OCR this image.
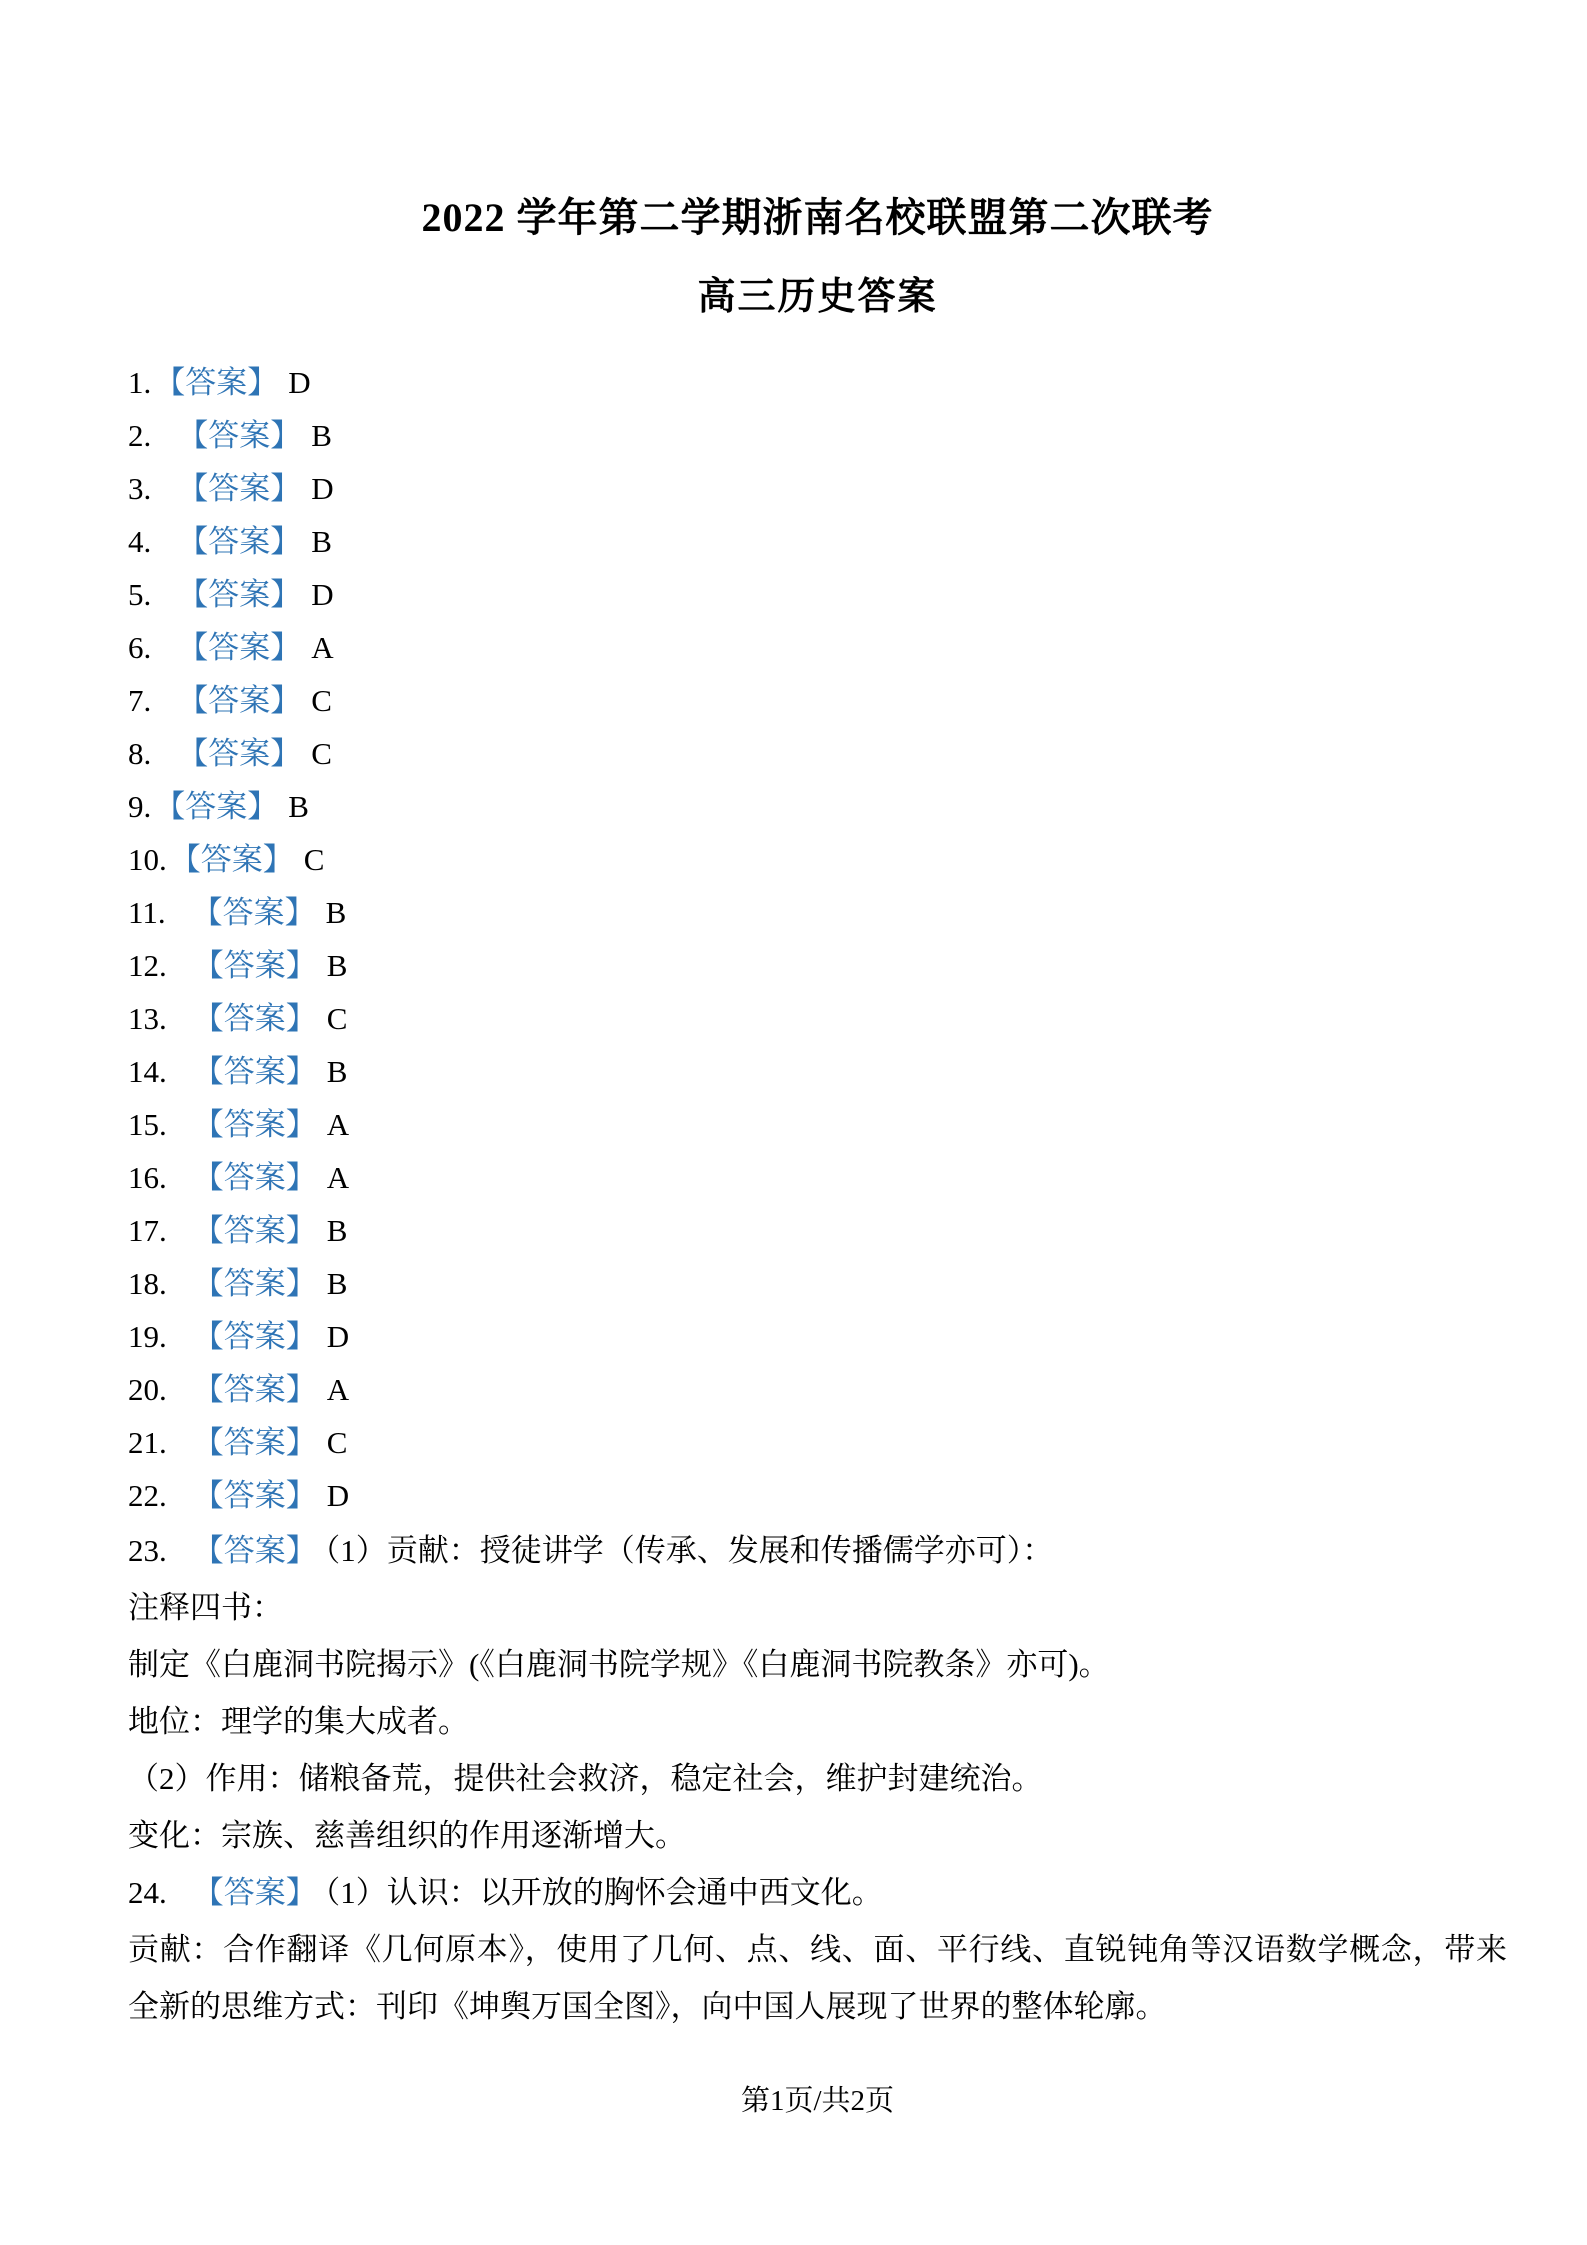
2022 学年第二学期浙南名校联盟第二次联考
高三历史答案
1.【答案】 D
2. 【答案】 B
3. 【答案】 D
4. 【答案】 B
5. 【答案】 D
6. 【答案】 A
7. 【答案】 C
8. 【答案】 C
9.【答案】 B
10.【答案】 C
11. 【答案】 B
12. 【答案】 B
13. 【答案】 C
14. 【答案】 B
15. 【答案】 A
16. 【答案】 A
17. 【答案】 B
18. 【答案】 B
19. 【答案】 D
20. 【答案】 A
21. 【答案】 C
22. 【答案】 D
23. 【答案】 （1）贡献：授徒讲学（传承、发展和传播儒学亦可）：
注释四书：
制定《白鹿洞书院揭示》(《白鹿洞书院学规》《白鹿洞书院教条》亦可)。
地位：理学的集大成者。
（2）作用：储粮备荒，提供社会救济，稳定社会，维护封建统治。
变化：宗族、慈善组织的作用逐渐增大。
24. 【答案】 （1）认识：以开放的胸怀会通中西文化。
贡献：合作翻译《几何原本》，使用了几何、点、线、面、平行线、直锐钝角等汉语数学概念，带来全新的思维方式：刊印《坤舆万国全图》，向中国人展现了世界的整体轮廓。
第1页/共2页
